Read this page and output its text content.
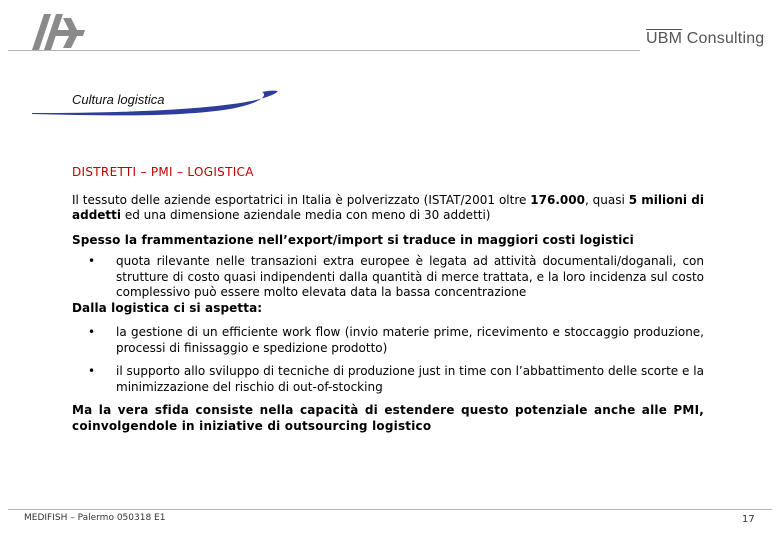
$\overline{UBM}$ Consulting
Cultura logistica
DISTRETTI – PMI – LOGISTICA

Il tessuto delle aziende esportatrici in Italia è polverizzato (ISTAT/2001 oltre 176.000, quasi 5 milioni di addetti ed una dimensione aziendale media con meno di 30 addetti)

Spesso la frammentazione nell’export/import si traduce in maggiori costi logistici

• quota rilevante nelle transazioni extra europee è legata ad attività documentali/doganali, con strutture di costo quasi indipendenti dalla quantità di merce trattata, e la loro incidenza sul costo complessivo può essere molto elevata data la bassa concentrazione

Dalla logistica ci si aspetta:

• la gestione di un efficiente work flow (invio materie prime, ricevimento e stoccaggio produzione, processi di finissaggio e spedizione prodotto)
• il supporto allo sviluppo di tecniche di produzione just in time con l’abbattimento delle scorte e la minimizzazione del rischio di out-of-stocking

Ma la vera sfida consiste nella capacità di estendere questo potenziale anche alle PMI, coinvolgendole in iniziative di outsourcing logistico

MEDIFISH – Palermo 050318 E1	17
